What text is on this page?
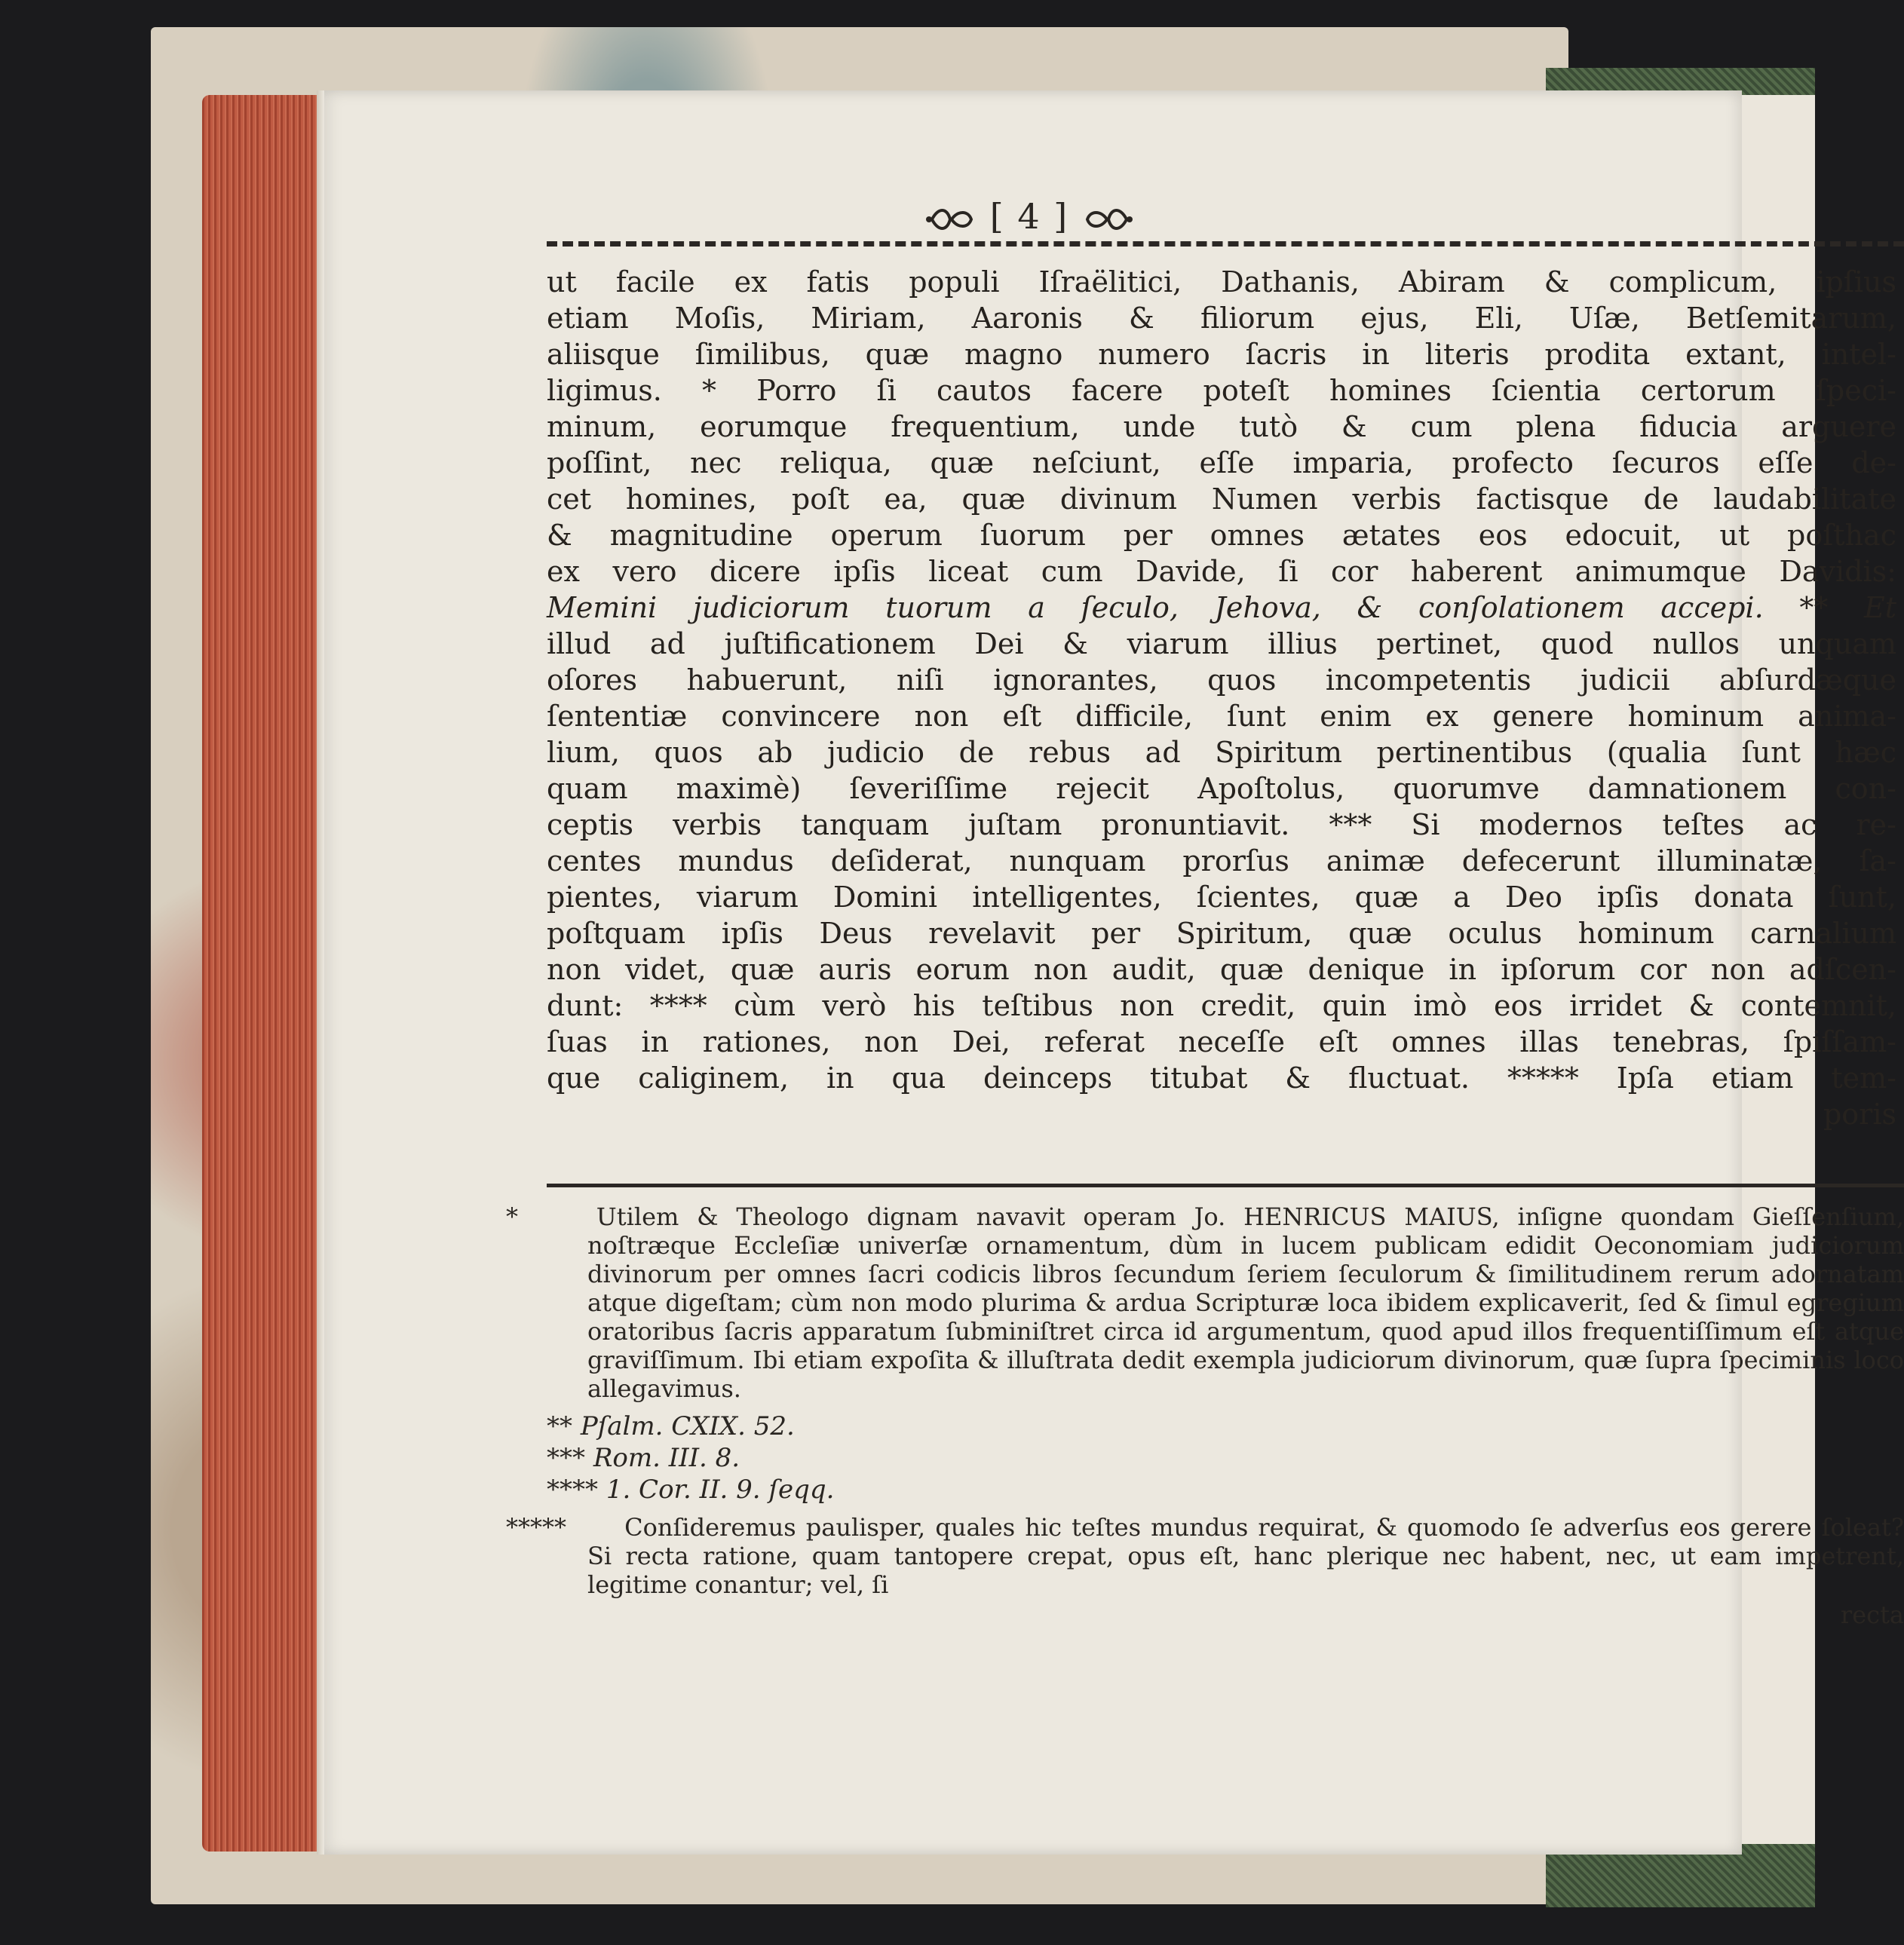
[ 4 ]
ut facile ex fatis populi Iſraëlitici, Dathanis, Abiram & complicum, ipſius
etiam Moſis, Miriam, Aaronis & filiorum ejus, Eli, Uſæ, Betſemitarum,
aliisque ſimilibus, quæ magno numero ſacris in literis prodita extant, intel-
ligimus. * Porro ſi cautos facere poteſt homines ſcientia certorum ſpeci-
minum, eorumque frequentium, unde tutò & cum plena fiducia arguere
poſſint, nec reliqua, quæ neſciunt, eſſe imparia, profecto ſecuros eſſe de-
cet homines, poſt ea, quæ divinum Numen verbis factisque de laudabilitate
& magnitudine operum ſuorum per omnes ætates eos edocuit, ut poſthac
ex vero dicere ipſis liceat cum Davide, ſi cor haberent animumque Davidis:
Memini judiciorum tuorum a ſeculo, Jehova, & conſolationem accepi. ** Et
illud ad juſtificationem Dei & viarum illius pertinet, quod nullos unquam
oſores habuerunt, niſi ignorantes, quos incompetentis judicii abſurdæque
ſententiæ convincere non eſt difficile, ſunt enim ex genere hominum anima-
lium, quos ab judicio de rebus ad Spiritum pertinentibus (qualia ſunt hæc
quam maximè) ſeveriſſime rejecit Apoſtolus, quorumve damnationem con-
ceptis verbis tanquam juſtam pronuntiavit. *** Si modernos teſtes ac re-
centes mundus deſiderat, nunquam prorſus animæ defecerunt illuminatæ, ſa-
pientes, viarum Domini intelligentes, ſcientes, quæ a Deo ipſis donata ſunt,
poſtquam ipſis Deus revelavit per Spiritum, quæ oculus hominum carnalium
non videt, quæ auris eorum non audit, quæ denique in ipſorum cor non adſcen-
dunt: **** cùm verò his teſtibus non credit, quin imò eos irridet & contemnit,
ſuas in rationes, non Dei, referat neceſſe eſt omnes illas tenebras, ſpiſſam-
que caliginem, in qua deinceps titubat & fluctuat. ***** Ipſa etiam tem-
poris
*	Utilem & Theologo dignam navavit operam Jo. HENRICUS MAIUS, inſigne quondam Gieſſenſium, noſtræque Eccleſiæ univerſæ ornamentum, dùm in lucem publicam edidit Oeconomiam judiciorum divinorum per omnes ſacri codicis libros ſecundum ſeriem ſeculorum & ſimilitudinem rerum adornatam atque digeſtam; cùm non modo plurima & ardua Scripturæ loca ibidem explicaverit, ſed & ſimul egregium oratoribus ſacris apparatum ſubminiſtret circa id argumentum, quod apud illos frequentiſſimum eſt atque graviſſimum. Ibi etiam expoſita & illuſtrata dedit exempla judiciorum divinorum, quæ ſupra ſpeciminis loco allegavimus.
** Pſalm. CXIX. 52.
*** Rom. III. 8.
**** 1. Cor. II. 9. ſeqq.
***** Conſideremus paulisper, quales hic teſtes mundus requirat, & quomodo ſe adverſus eos gerere ſoleat? Si recta ratione, quam tantopere crepat, opus eſt, hanc plerique nec habent, nec, ut eam impetrent, legitime conantur; vel, ſi
recta
